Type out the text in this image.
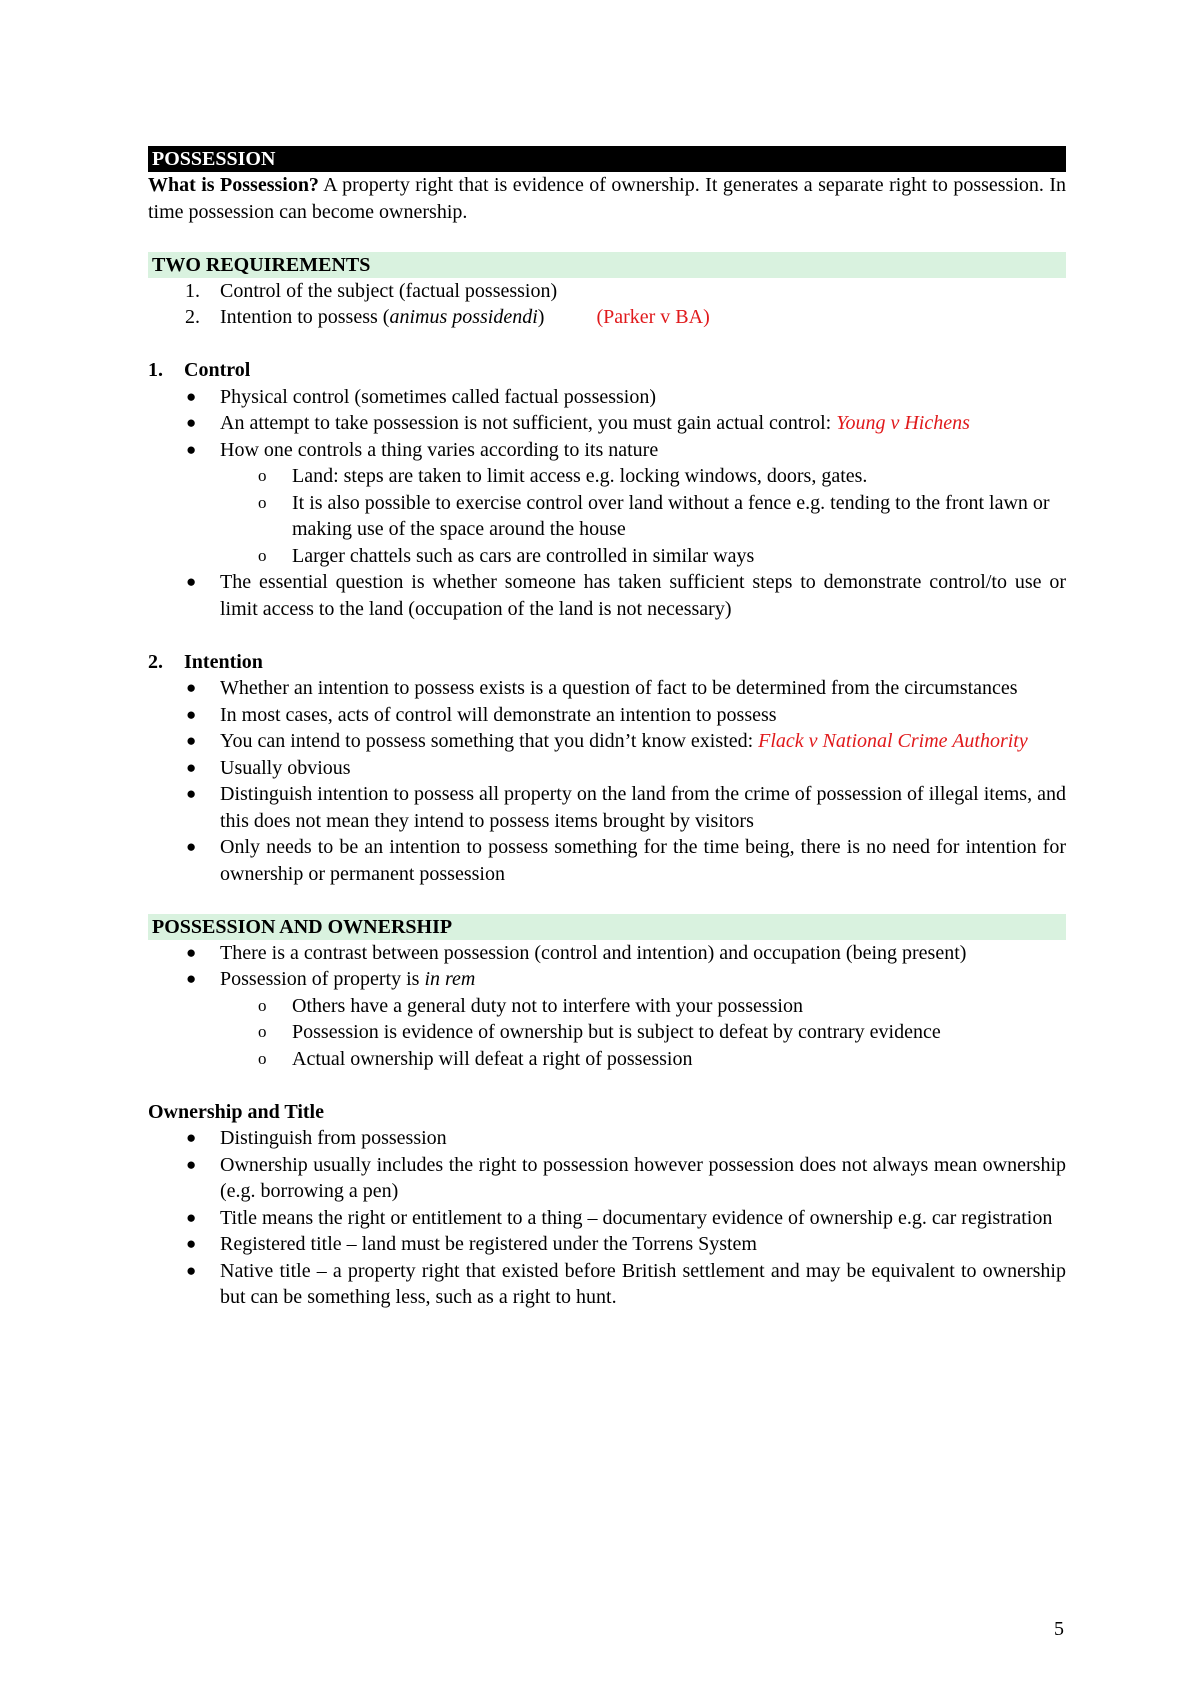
POSSESSION

What is Possession? A property right that is evidence of ownership. It generates a separate right to possession. In time possession can become ownership.

TWO REQUIREMENTS
1. Control of the subject (factual possession)
2. Intention to possess (animus possidendi)	(Parker v BA)
1. Control
● Physical control (sometimes called factual possession)
● An attempt to take possession is not sufficient, you must gain actual control: Young v Hichens
● How one controls a thing varies according to its nature
o Land: steps are taken to limit access e.g. locking windows, doors, gates.
o It is also possible to exercise control over land without a fence e.g. tending to the front lawn or making use of the space around the house
o Larger chattels such as cars are controlled in similar ways
● The essential question is whether someone has taken sufficient steps to demonstrate control/to use or limit access to the land (occupation of the land is not necessary)
2. Intention
● Whether an intention to possess exists is a question of fact to be determined from the circumstances
● In most cases, acts of control will demonstrate an intention to possess
● You can intend to possess something that you didn’t know existed: Flack v National Crime Authority
● Usually obvious
● Distinguish intention to possess all property on the land from the crime of possession of illegal items, and this does not mean they intend to possess items brought by visitors
● Only needs to be an intention to possess something for the time being, there is no need for intention for ownership or permanent possession
POSSESSION AND OWNERSHIP
● There is a contrast between possession (control and intention) and occupation (being present)
● Possession of property is in rem
o Others have a general duty not to interfere with your possession
o Possession is evidence of ownership but is subject to defeat by contrary evidence
o Actual ownership will defeat a right of possession

Ownership and Title

● Distinguish from possession
● Ownership usually includes the right to possession however possession does not always mean ownership (e.g. borrowing a pen)
● Title means the right or entitlement to a thing – documentary evidence of ownership e.g. car registration
● Registered title – land must be registered under the Torrens System
● Native title – a property right that existed before British settlement and may be equivalent to ownership but can be something less, such as a right to hunt.
5
